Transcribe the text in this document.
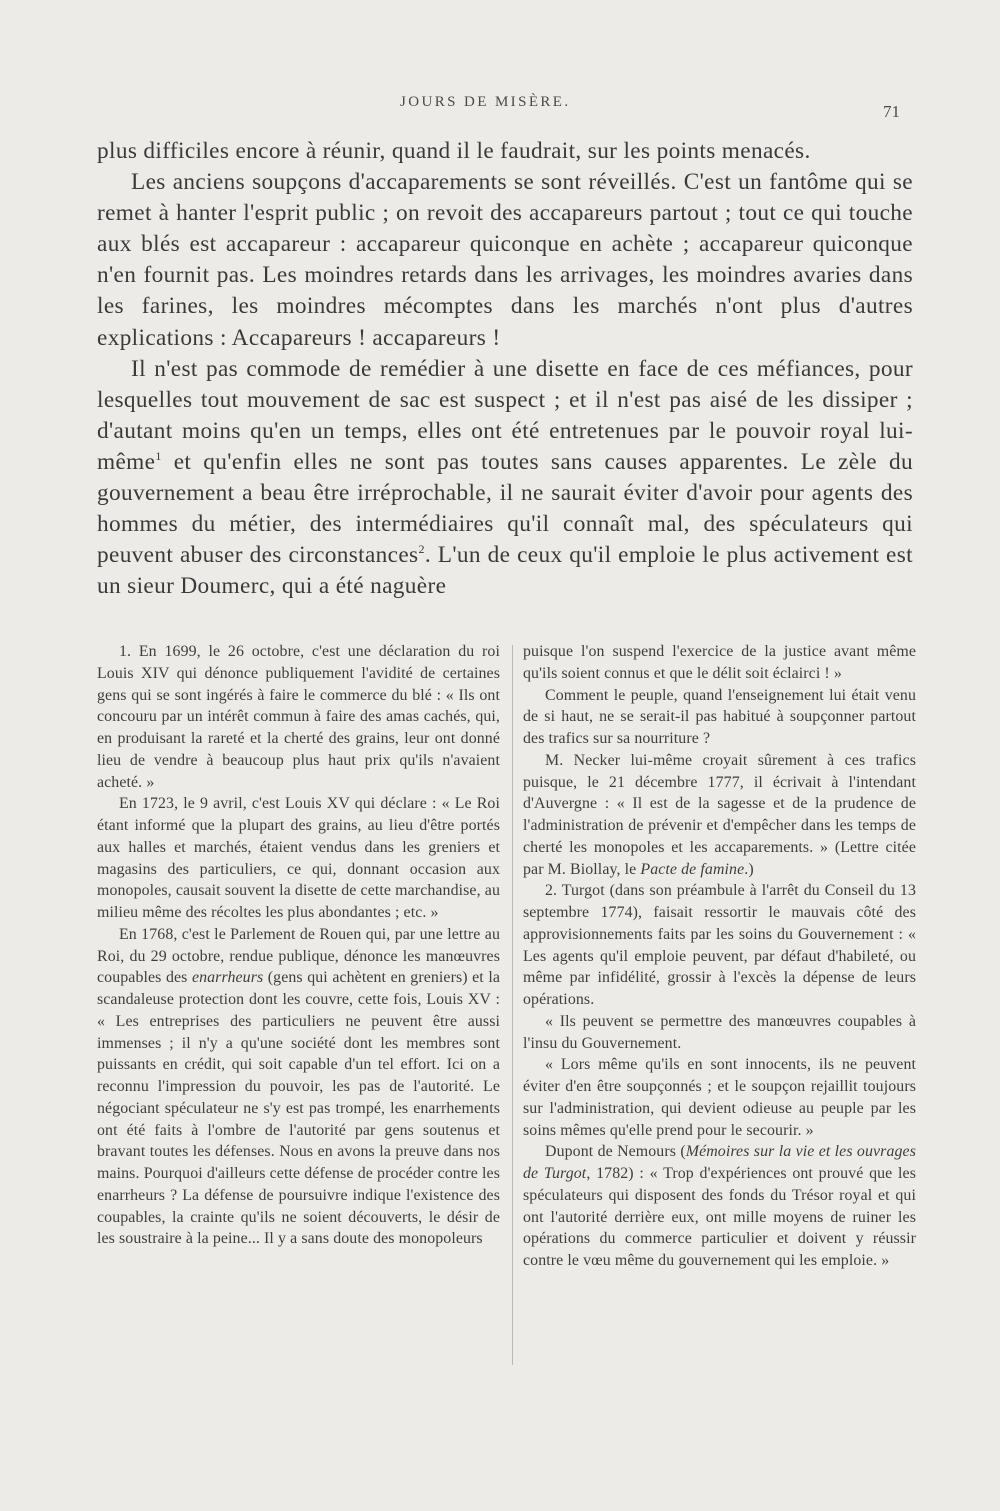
JOURS DE MISÈRE.	71

plus difficiles encore à réunir, quand il le faudrait, sur les points menacés.

Les anciens soupçons d'accaparements se sont réveillés. C'est un fantôme qui se remet à hanter l'esprit public ; on revoit des accapareurs partout ; tout ce qui touche aux blés est accapareur : accapareur quiconque en achète ; accapareur quiconque n'en fournit pas. Les moindres retards dans les arrivages, les moindres avaries dans les farines, les moindres mécomptes dans les marchés n'ont plus d'autres explications : Accapareurs ! accapareurs !

Il n'est pas commode de remédier à une disette en face de ces méfiances, pour lesquelles tout mouvement de sac est suspect ; et il n'est pas aisé de les dissiper ; d'autant moins qu'en un temps, elles ont été entretenues par le pouvoir royal lui-même$^1$ et qu'enfin elles ne sont pas toutes sans causes apparentes. Le zèle du gouvernement a beau être irréprochable, il ne saurait éviter d'avoir pour agents des hommes du métier, des intermédiaires qu'il connaît mal, des spéculateurs qui peuvent abuser des circonstances$^2$. L'un de ceux qu'il emploie le plus activement est un sieur Doumerc, qui a été naguère

1. En 1699, le 26 octobre, c'est une déclaration du roi Louis XIV qui dénonce publiquement l'avidité de certaines gens qui se sont ingérés à faire le commerce du blé : « Ils ont concouru par un intérêt commun à faire des amas cachés, qui, en produisant la rareté et la cherté des grains, leur ont donné lieu de vendre à beaucoup plus haut prix qu'ils n'avaient acheté. »

En 1723, le 9 avril, c'est Louis XV qui déclare : « Le Roi étant informé que la plupart des grains, au lieu d'être portés aux halles et marchés, étaient vendus dans les greniers et magasins des particuliers, ce qui, donnant occasion aux monopoles, causait souvent la disette de cette marchandise, au milieu même des récoltes les plus abondantes ; etc. »

En 1768, c'est le Parlement de Rouen qui, par une lettre au Roi, du 29 octobre, rendue publique, dénonce les manœuvres coupables des enarrheurs (gens qui achètent en greniers) et la scandaleuse protection dont les couvre, cette fois, Louis XV : « Les entreprises des particuliers ne peuvent être aussi immenses ; il n'y a qu'une société dont les membres sont puissants en crédit, qui soit capable d'un tel effort. Ici on a reconnu l'impression du pouvoir, les pas de l'autorité. Le négociant spéculateur ne s'y est pas trompé, les enarrhements ont été faits à l'ombre de l'autorité par gens soutenus et bravant toutes les défenses. Nous en avons la preuve dans nos mains. Pourquoi d'ailleurs cette défense de procéder contre les enarrheurs ? La défense de poursuivre indique l'existence des coupables, la crainte qu'ils ne soient découverts, le désir de les soustraire à la peine... Il y a sans doute des monopoleurs

puisque l'on suspend l'exercice de la justice avant même qu'ils soient connus et que le délit soit éclairci ! »

Comment le peuple, quand l'enseignement lui était venu de si haut, ne se serait-il pas habitué à soupçonner partout des trafics sur sa nourriture ?

M. Necker lui-même croyait sûrement à ces trafics puisque, le 21 décembre 1777, il écrivait à l'intendant d'Auvergne : « Il est de la sagesse et de la prudence de l'administration de prévenir et d'empêcher dans les temps de cherté les monopoles et les accaparements. » (Lettre citée par M. Biollay, le Pacte de famine.)

2. Turgot (dans son préambule à l'arrêt du Conseil du 13 septembre 1774), faisait ressortir le mauvais côté des approvisionnements faits par les soins du Gouvernement : « Les agents qu'il emploie peuvent, par défaut d'habileté, ou même par infidélité, grossir à l'excès la dépense de leurs opérations.

« Ils peuvent se permettre des manœuvres coupables à l'insu du Gouvernement.

« Lors même qu'ils en sont innocents, ils ne peuvent éviter d'en être soupçonnés ; et le soupçon rejaillit toujours sur l'administration, qui devient odieuse au peuple par les soins mêmes qu'elle prend pour le secourir. »

Dupont de Nemours (Mémoires sur la vie et les ouvrages de Turgot, 1782) : « Trop d'expériences ont prouvé que les spéculateurs qui disposent des fonds du Trésor royal et qui ont l'autorité derrière eux, ont mille moyens de ruiner les opérations du commerce particulier et doivent y réussir contre le vœu même du gouvernement qui les emploie. »
